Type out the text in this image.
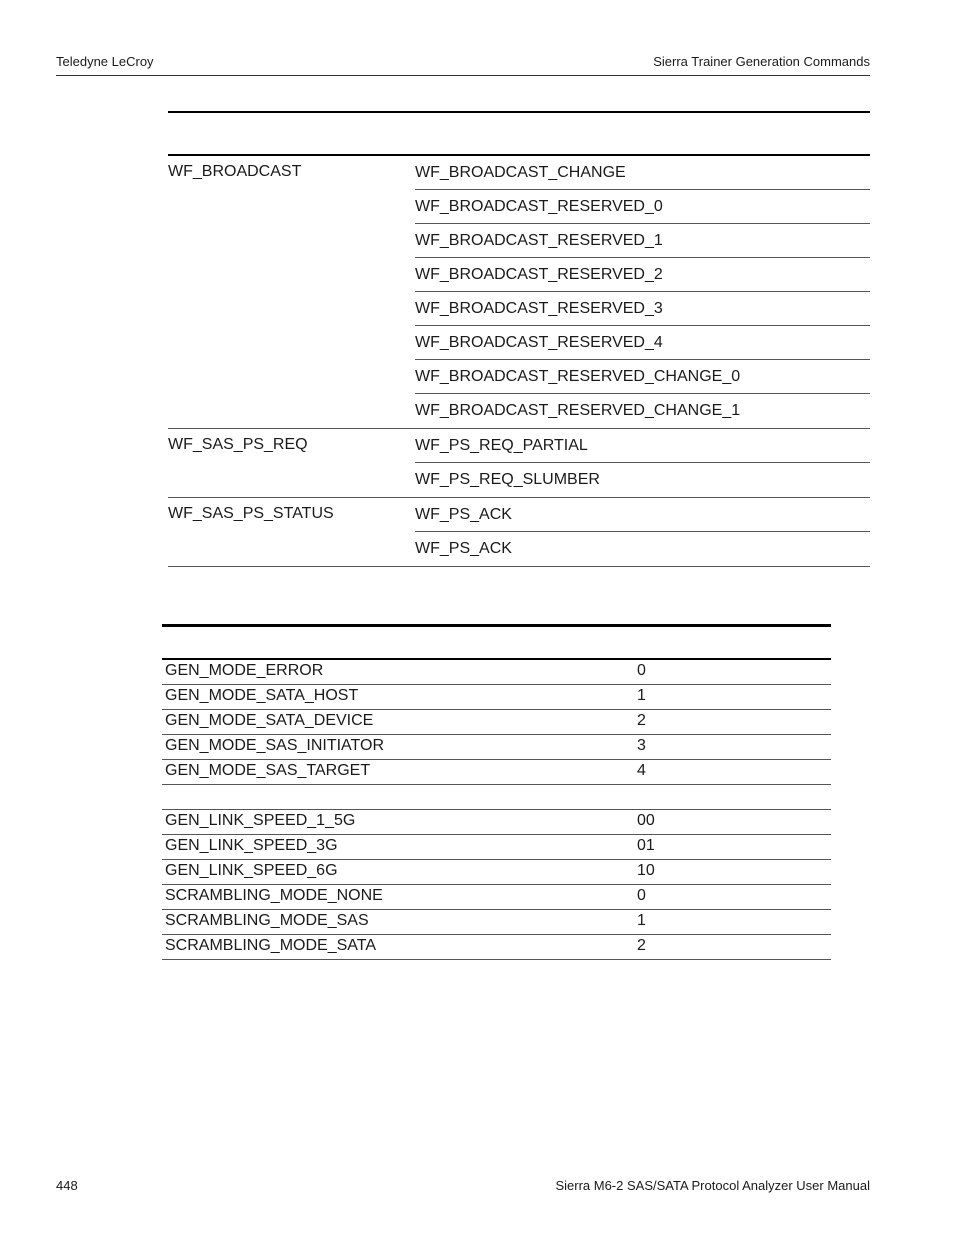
Teledyne LeCroy	Sierra Trainer Generation Commands
WF_BROADCAST	WF_BROADCAST_CHANGE
WF_BROADCAST_RESERVED_0
WF_BROADCAST_RESERVED_1
WF_BROADCAST_RESERVED_2
WF_BROADCAST_RESERVED_3
WF_BROADCAST_RESERVED_4
WF_BROADCAST_RESERVED_CHANGE_0
WF_BROADCAST_RESERVED_CHANGE_1
WF_SAS_PS_REQ	WF_PS_REQ_PARTIAL
WF_PS_REQ_SLUMBER
WF_SAS_PS_STATUS	WF_PS_ACK
WF_PS_ACK
GEN_MODE_ERROR	0
GEN_MODE_SATA_HOST	1
GEN_MODE_SATA_DEVICE	2
GEN_MODE_SAS_INITIATOR	3
GEN_MODE_SAS_TARGET	4
GEN_LINK_SPEED_1_5G	00
GEN_LINK_SPEED_3G	01
GEN_LINK_SPEED_6G	10
SCRAMBLING_MODE_NONE	0
SCRAMBLING_MODE_SAS	1
SCRAMBLING_MODE_SATA	2
448	Sierra M6-2 SAS/SATA Protocol Analyzer User Manual
